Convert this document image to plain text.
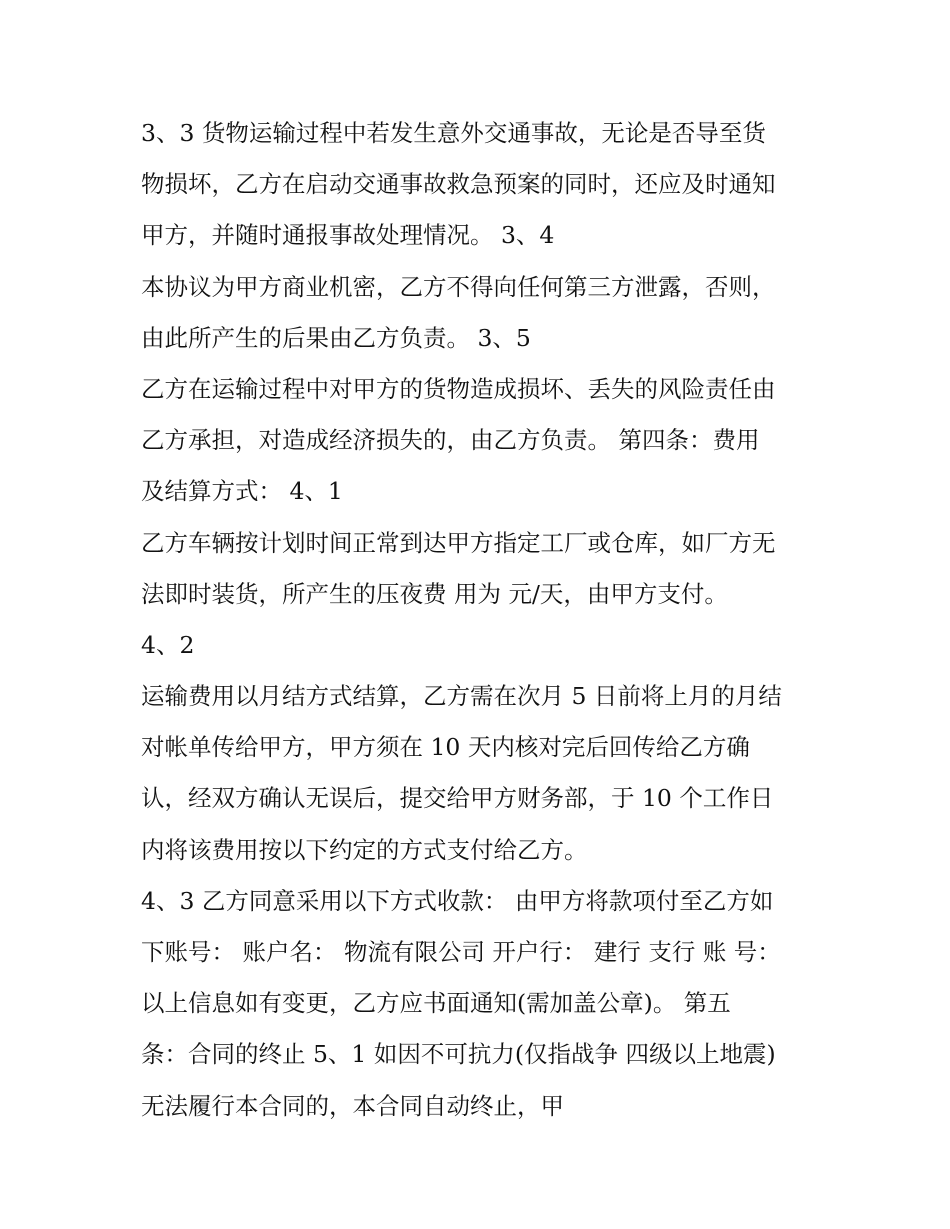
3、3 货物运输过程中若发生意外交通事故，无论是否导至货
物损坏，乙方在启动交通事故救急预案的同时，还应及时通知
甲方，并随时通报事故处理情况。 3、4
本协议为甲方商业机密，乙方不得向任何第三方泄露，否则，
由此所产生的后果由乙方负责。 3、5
乙方在运输过程中对甲方的货物造成损坏、丢失的风险责任由
乙方承担，对造成经济损失的，由乙方负责。 第四条：费用
及结算方式： 4、1
乙方车辆按计划时间正常到达甲方指定工厂或仓库，如厂方无
法即时装货，所产生的压夜费 用为 元/天，由甲方支付。
4、2
运输费用以月结方式结算，乙方需在次月 5 日前将上月的月结
对帐单传给甲方，甲方须在 10 天内核对完后回传给乙方确
认，经双方确认无误后，提交给甲方财务部，于 10 个工作日
内将该费用按以下约定的方式支付给乙方。
4、3 乙方同意采用以下方式收款： 由甲方将款项付至乙方如
下账号： 账户名： 物流有限公司 开户行： 建行 支行 账 号：
以上信息如有变更，乙方应书面通知(需加盖公章)。 第五
条：合同的终止 5、1 如因不可抗力(仅指战争 四级以上地震)
无法履行本合同的，本合同自动终止，甲
